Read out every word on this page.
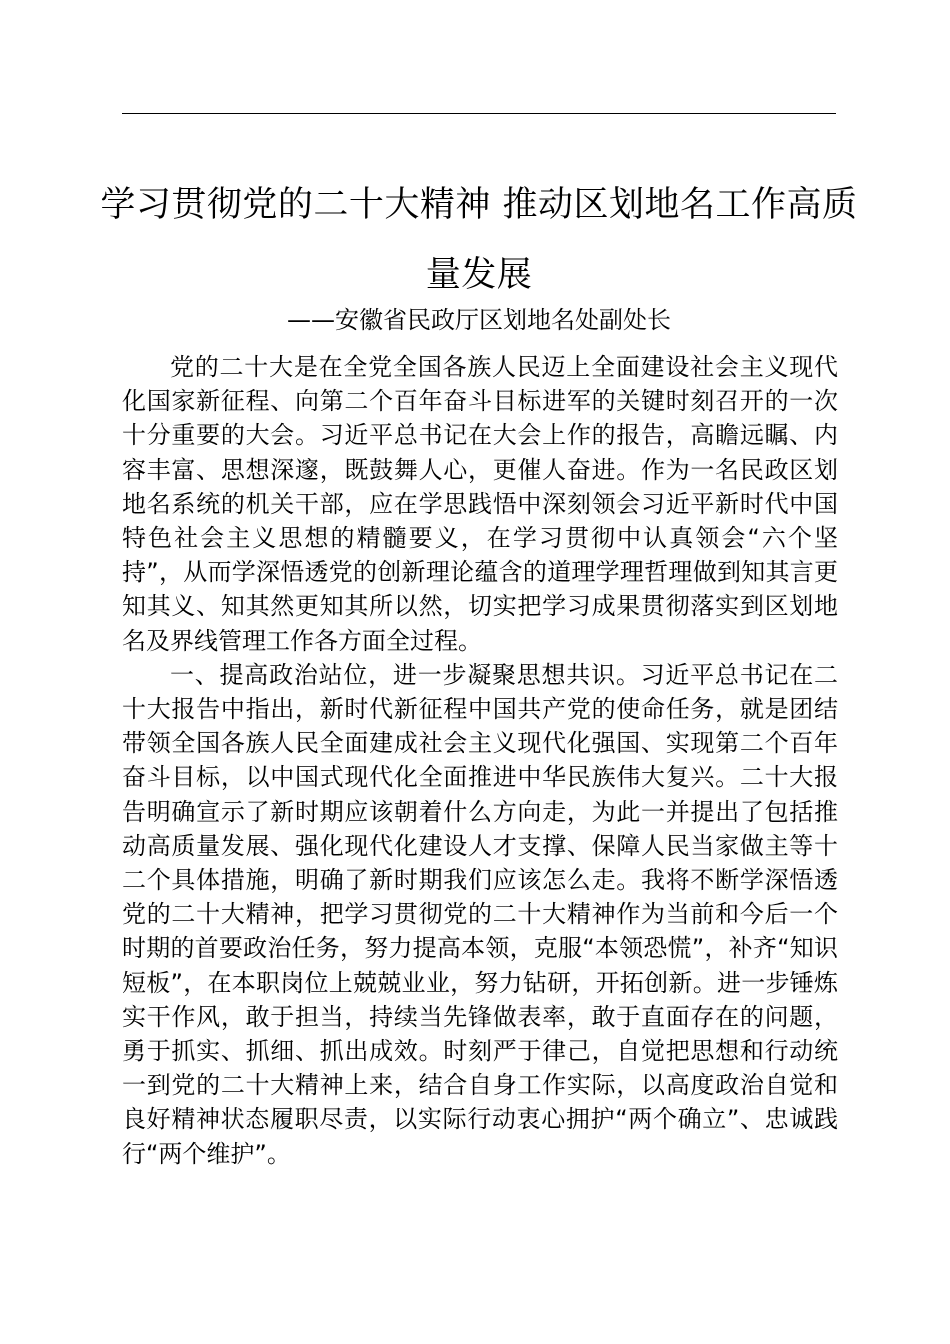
学习贯彻党的二十大精神 推动区划地名工作高质量发展
——安徽省民政厅区划地名处副处长

党的二十大是在全党全国各族人民迈上全面建设社会主义现代化国家新征程、向第二个百年奋斗目标进军的关键时刻召开的一次十分重要的大会。习近平总书记在大会上作的报告，高瞻远瞩、内容丰富、思想深邃，既鼓舞人心，更催人奋进。作为一名民政区划地名系统的机关干部，应在学思践悟中深刻领会习近平新时代中国特色社会主义思想的精髓要义，在学习贯彻中认真领会“六个坚持”，从而学深悟透党的创新理论蕴含的道理学理哲理做到知其言更知其义、知其然更知其所以然，切实把学习成果贯彻落实到区划地名及界线管理工作各方面全过程。

一、提高政治站位，进一步凝聚思想共识。习近平总书记在二十大报告中指出，新时代新征程中国共产党的使命任务，就是团结带领全国各族人民全面建成社会主义现代化强国、实现第二个百年奋斗目标，以中国式现代化全面推进中华民族伟大复兴。二十大报告明确宣示了新时期应该朝着什么方向走，为此一并提出了包括推动高质量发展、强化现代化建设人才支撑、保障人民当家做主等十二个具体措施，明确了新时期我们应该怎么走。我将不断学深悟透党的二十大精神，把学习贯彻党的二十大精神作为当前和今后一个时期的首要政治任务，努力提高本领，克服“本领恐慌”，补齐“知识短板”，在本职岗位上兢兢业业，努力钻研，开拓创新。进一步锤炼实干作风，敢于担当，持续当先锋做表率，敢于直面存在的问题，勇于抓实、抓细、抓出成效。时刻严于律己，自觉把思想和行动统一到党的二十大精神上来，结合自身工作实际，以高度政治自觉和良好精神状态履职尽责，以实际行动衷心拥护“两个确立”、忠诚践行“两个维护”。
